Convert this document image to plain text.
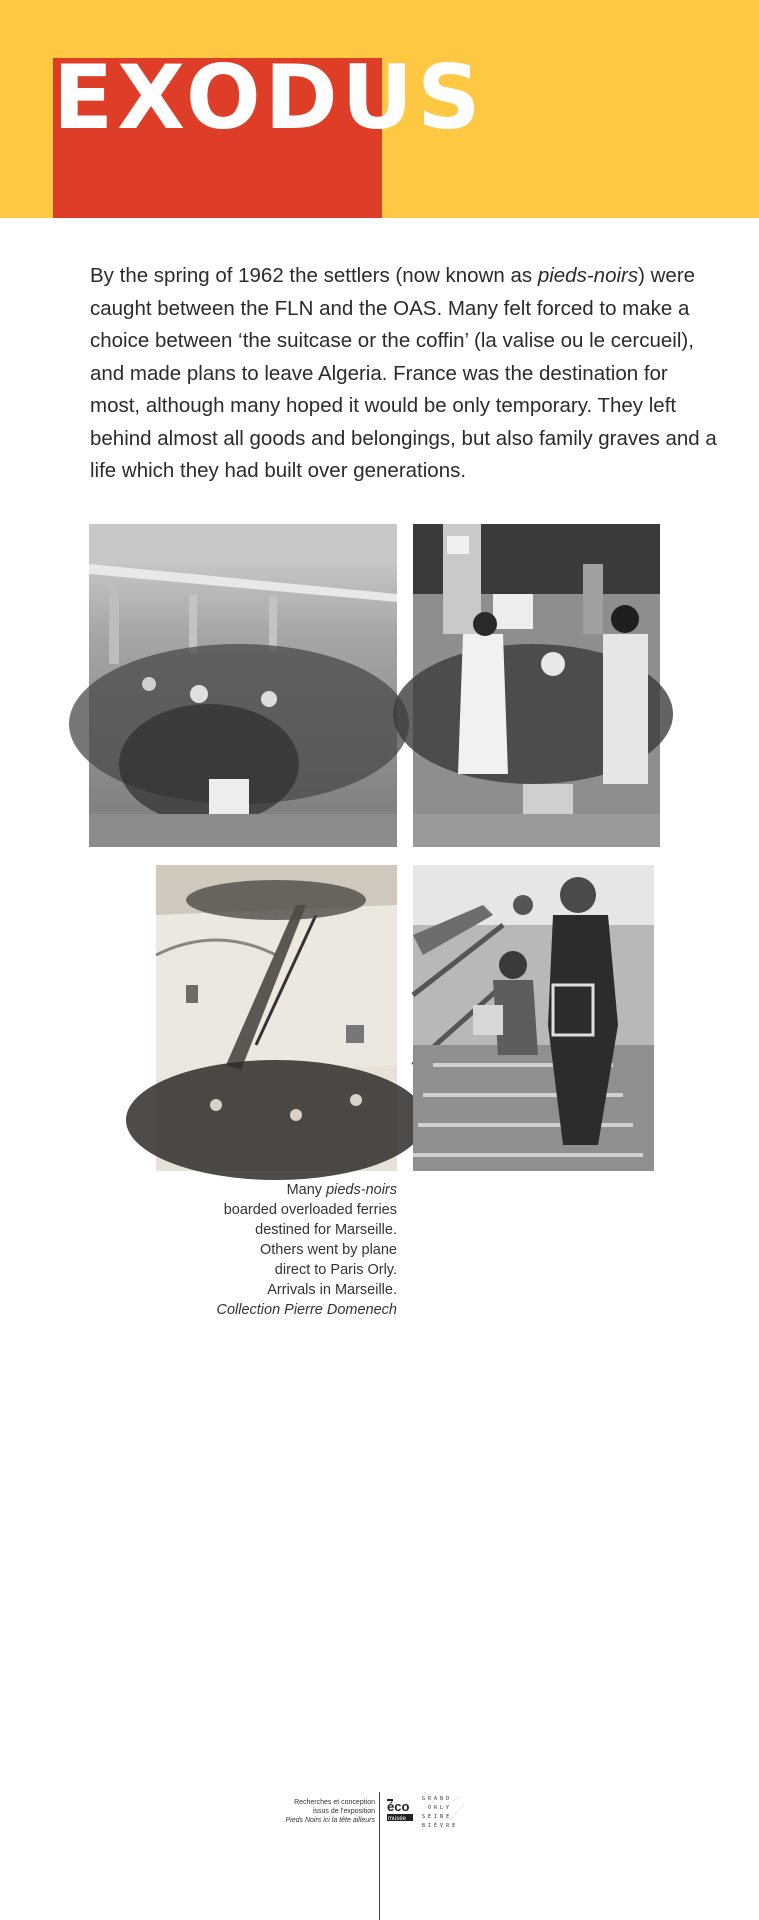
EXODUS

By the spring of 1962 the settlers (now known as pieds-noirs) were caught between the FLN and the OAS. Many felt forced to make a choice between ‘the suitcase or the coffin’ (la valise ou le cercueil), and made plans to leave Algeria. France was the destination for most, although many hoped it would be only temporary. They left behind almost all goods and belongings, but also family graves and a life which they had built over generations.

Many pieds-noirs
boarded overloaded ferries
destined for Marseille.
Others went by plane
direct to Paris Orly.
Arrivals in Marseille.
Collection Pierre Domenech
Recherches et conception
issus de l'exposition
Pieds Noirs ici la tête ailleurs
éco
musée
G R A N D
O R L Y
S E I N E
B I È V R E
